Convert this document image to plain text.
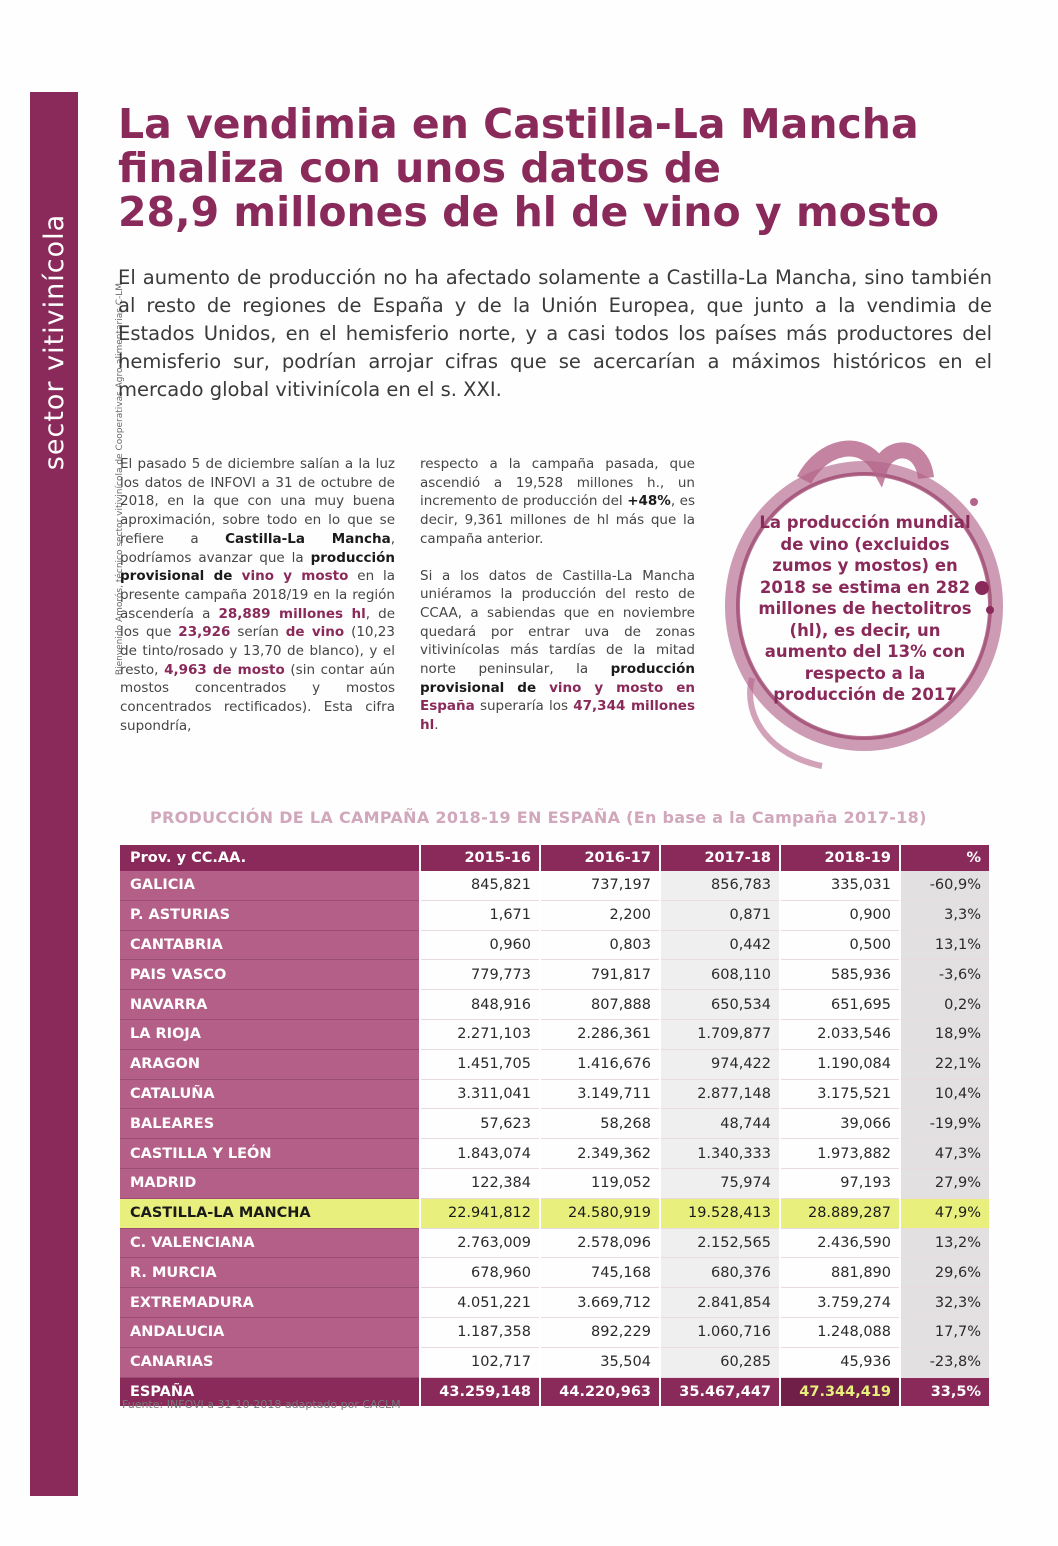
sector vitivinícola
6
Bienvenido Amorós, técnico sector vitivinícola de Cooperativas Agro-alimentarias C-LM
La vendimia en Castilla-La Mancha
finaliza con unos datos de
28,9 millones de hl de vino y mosto

El aumento de producción no ha afectado solamente a Castilla-La Mancha, sino también al resto de regiones de España y de la Unión Europea, que junto a la vendimia de Estados Unidos, en el hemisferio norte, y a casi todos los países más productores del hemisferio sur, podrían arrojar cifras que se acercarían a máximos históricos en el mercado global vitivinícola en el s. XXI.

El pasado 5 de diciembre salían a la luz los datos de INFOVI a 31 de octubre de 2018, en la que con una muy buena aproximación, sobre todo en lo que se refiere a Castilla-La Mancha, podríamos avanzar que la producción provisional de vino y mosto en la presente campaña 2018/19 en la región ascendería a 28,889 millones hl, de los que 23,926 serían de vino (10,23 de tinto/rosado y 13,70 de blanco), y el resto, 4,963 de mosto (sin contar aún mostos concentrados y mostos concentrados rectificados). Esta cifra supondría,

respecto a la campaña pasada, que ascendió a 19,528 millones h., un incremento de producción del +48%, es decir, 9,361 millones de hl más que la campaña anterior.

Si a los datos de Castilla-La Mancha uniéramos la producción del resto de CCAA, a sabiendas que en noviembre quedará por entrar uva de zonas vitivinícolas más tardías de la mitad norte peninsular, la producción provisional de vino y mosto en España superaría los 47,344 millones hl.

La producción mundial de vino (excluidos zumos y mostos) en 2018 se estima en 282 millones de hectolitros (hl), es decir, un aumento del 13% con respecto a la producción de 2017
PRODUCCIÓN DE LA CAMPAÑA 2018-19 EN ESPAÑA (En base a la Campaña 2017-18)
Prov. y CC.AA.	2015-16	2016-17	2017-18	2018-19	%
GALICIA	845,821	737,197	856,783	335,031	-60,9%
P. ASTURIAS	1,671	2,200	0,871	0,900	3,3%
CANTABRIA	0,960	0,803	0,442	0,500	13,1%
PAIS VASCO	779,773	791,817	608,110	585,936	-3,6%
NAVARRA	848,916	807,888	650,534	651,695	0,2%
LA RIOJA	2.271,103	2.286,361	1.709,877	2.033,546	18,9%
ARAGON	1.451,705	1.416,676	974,422	1.190,084	22,1%
CATALUÑA	3.311,041	3.149,711	2.877,148	3.175,521	10,4%
BALEARES	57,623	58,268	48,744	39,066	-19,9%
CASTILLA Y LEÓN	1.843,074	2.349,362	1.340,333	1.973,882	47,3%
MADRID	122,384	119,052	75,974	97,193	27,9%
CASTILLA-LA MANCHA	22.941,812	24.580,919	19.528,413	28.889,287	47,9%
C. VALENCIANA	2.763,009	2.578,096	2.152,565	2.436,590	13,2%
R. MURCIA	678,960	745,168	680,376	881,890	29,6%
EXTREMADURA	4.051,221	3.669,712	2.841,854	3.759,274	32,3%
ANDALUCIA	1.187,358	892,229	1.060,716	1.248,088	17,7%
CANARIAS	102,717	35,504	60,285	45,936	-23,8%
ESPAÑA	43.259,148	44.220,963	35.467,447	47.344,419	33,5%
Fuente: INFOVI a 31-10-2018 adaptado por CACLM
